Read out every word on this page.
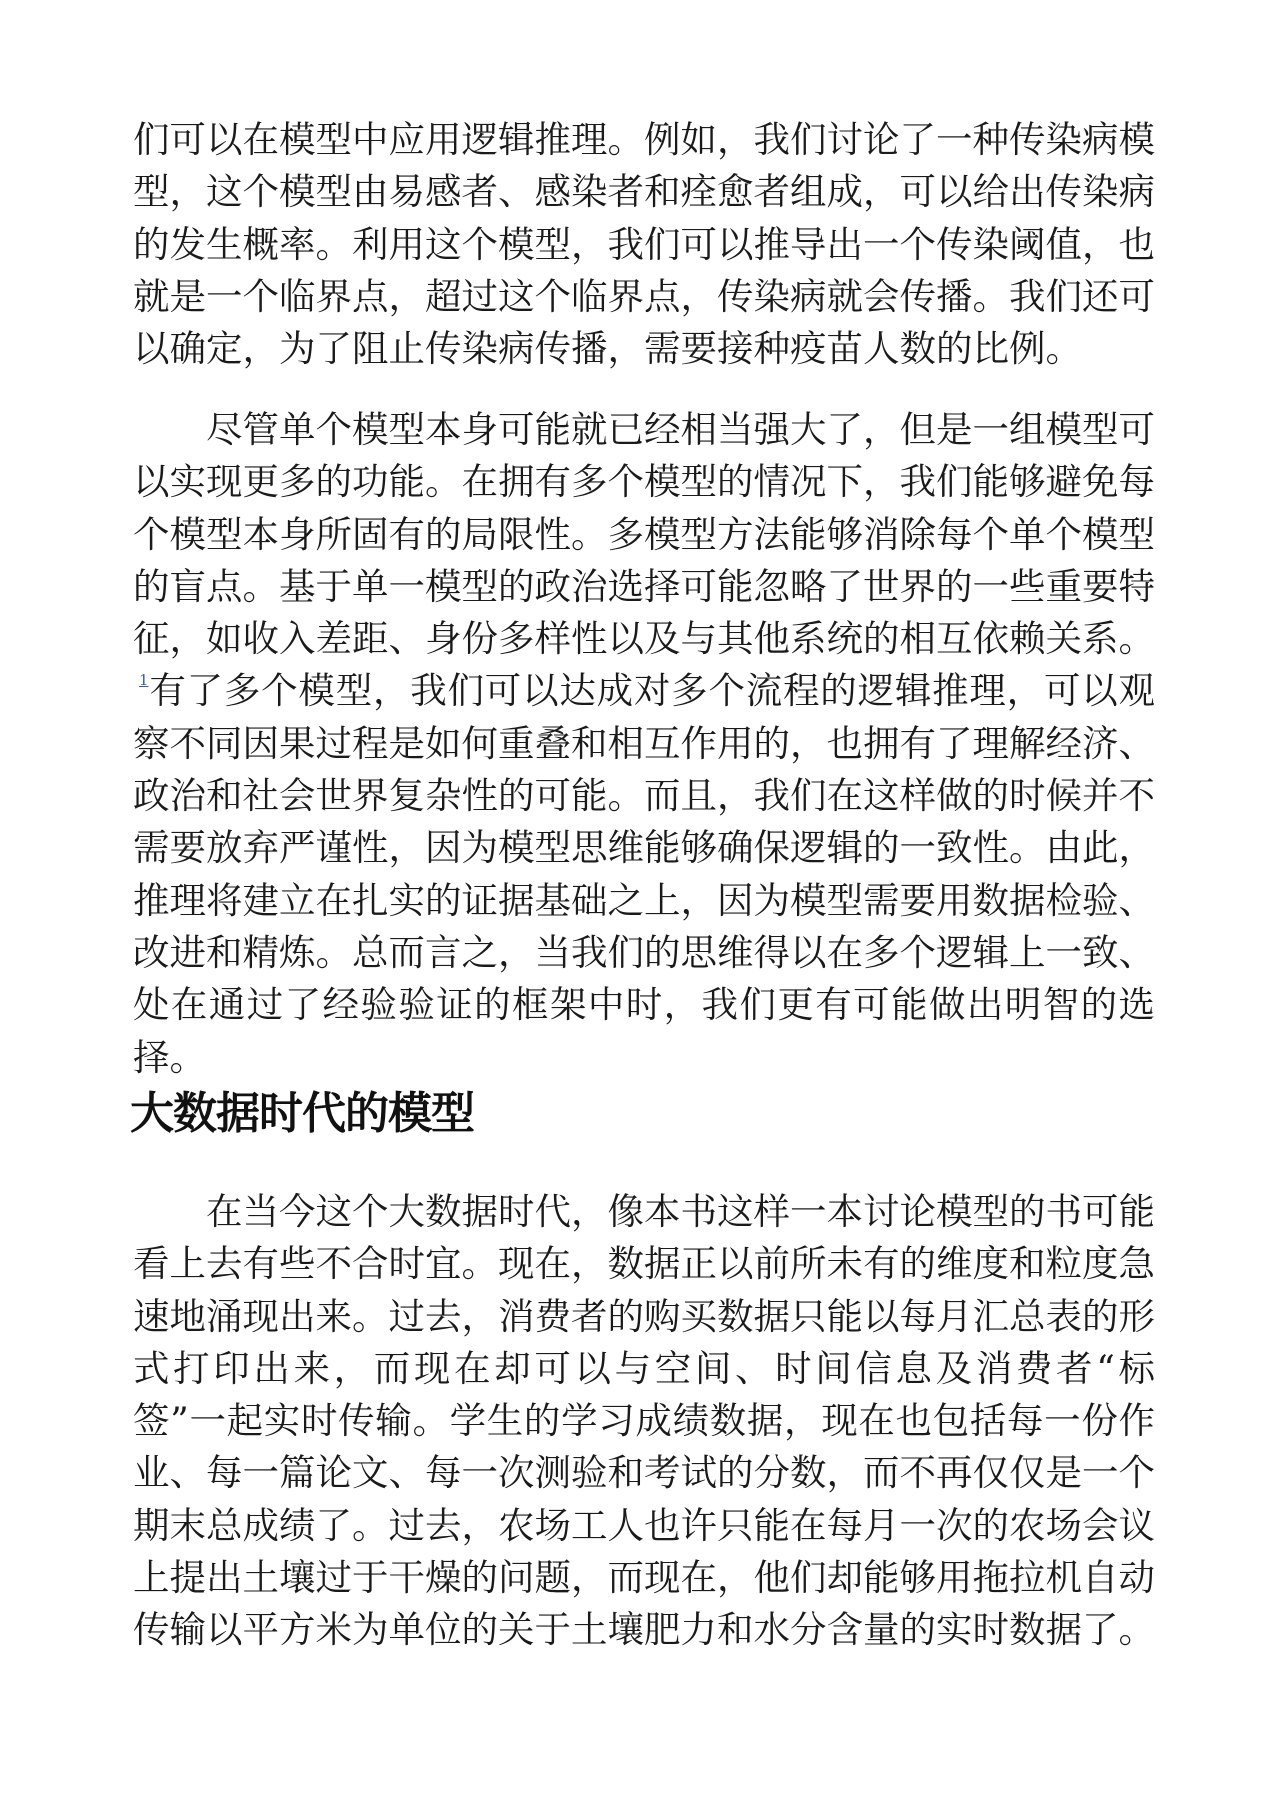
们可以在模型中应用逻辑推理。例如，我们讨论了一种传染病模型，这个模型由易感者、感染者和痊愈者组成，可以给出传染病的发生概率。利用这个模型，我们可以推导出一个传染阈值，也就是一个临界点，超过这个临界点，传染病就会传播。我们还可以确定，为了阻止传染病传播，需要接种疫苗人数的比例。

尽管单个模型本身可能就已经相当强大了，但是一组模型可以实现更多的功能。在拥有多个模型的情况下，我们能够避免每个模型本身所固有的局限性。多模型方法能够消除每个单个模型的盲点。基于单一模型的政治选择可能忽略了世界的一些重要特征，如收入差距、身份多样性以及与其他系统的相互依赖关系。$^1$有了多个模型，我们可以达成对多个流程的逻辑推理，可以观察不同因果过程是如何重叠和相互作用的，也拥有了理解经济、政治和社会世界复杂性的可能。而且，我们在这样做的时候并不需要放弃严谨性，因为模型思维能够确保逻辑的一致性。由此，推理将建立在扎实的证据基础之上，因为模型需要用数据检验、改进和精炼。总而言之，当我们的思维得以在多个逻辑上一致、处在通过了经验验证的框架中时，我们更有可能做出明智的选择。

大数据时代的模型

在当今这个大数据时代，像本书这样一本讨论模型的书可能看上去有些不合时宜。现在，数据正以前所未有的维度和粒度急速地涌现出来。过去，消费者的购买数据只能以每月汇总表的形式打印出来，而现在却可以与空间、时间信息及消费者“标签”一起实时传输。学生的学习成绩数据，现在也包括每一份作业、每一篇论文、每一次测验和考试的分数，而不再仅仅是一个期末总成绩了。过去，农场工人也许只能在每月一次的农场会议上提出土壤过于干燥的问题，而现在，他们却能够用拖拉机自动传输以平方米为单位的关于土壤肥力和水分含量的实时数据了。
